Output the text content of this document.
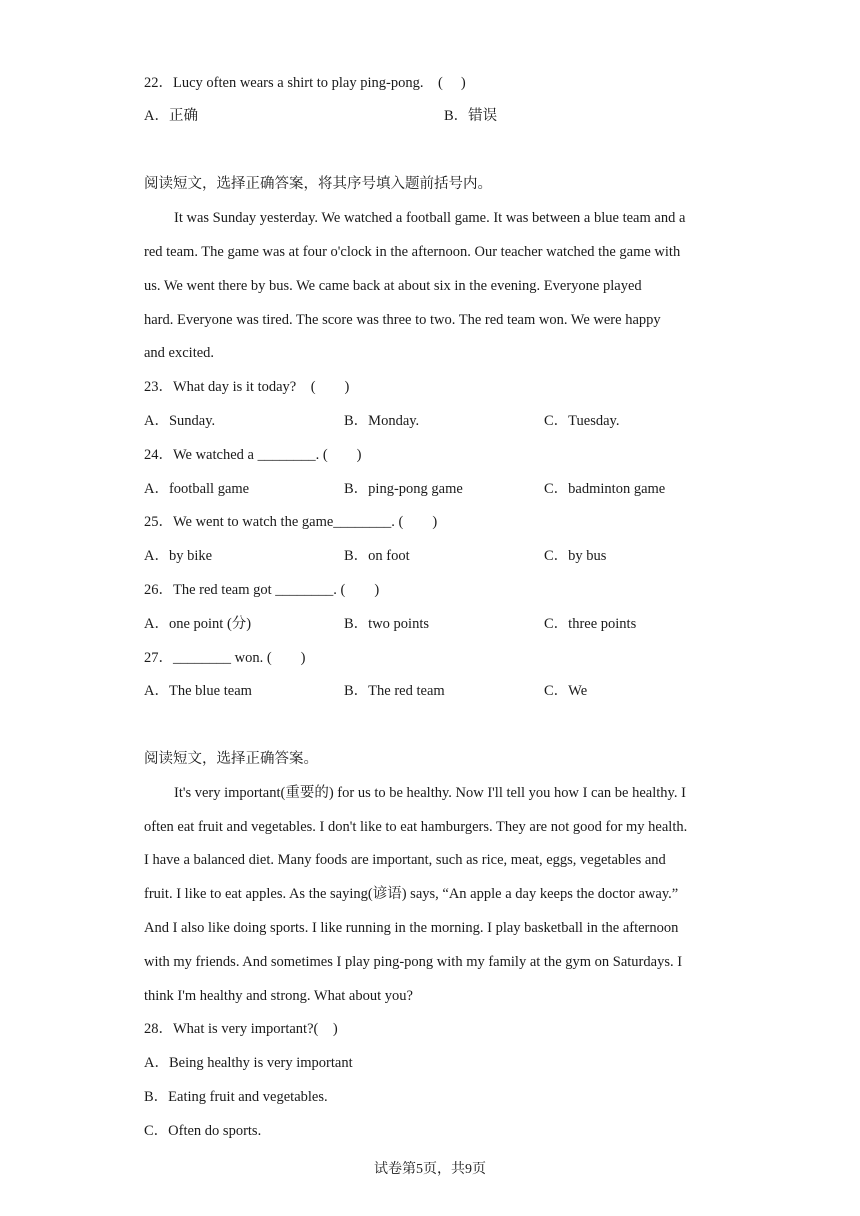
22．Lucy often wears a shirt to play ping-pong.　(　 )
A．正确	B．错误
阅读短文，选择正确答案，将其序号填入题前括号内。
It was Sunday yesterday. We watched a football game. It was between a blue team and a
red team. The game was at four o'clock in the afternoon. Our teacher watched the game with
us. We went there by bus. We came back at about six in the evening. Everyone played
hard. Everyone was tired. The score was three to two. The red team won. We were happy
and excited.
23．What day is it today?　(　　)
A．Sunday.	B．Monday.	C．Tuesday.
24．We watched a ________. (　　)
A．football game	B．ping-pong game	C．badminton game
25．We went to watch the game________. (　　)
A．by bike	B．on foot	C．by bus
26．The red team got ________. (　　)
A．one point (分)	B．two points	C．three points
27．________ won. (　　)
A．The blue team	B．The red team	C．We
阅读短文，选择正确答案。
It's very important(重要的) for us to be healthy. Now I'll tell you how I can be healthy. I
often eat fruit and vegetables. I don't like to eat hamburgers. They are not good for my health.
I have a balanced diet. Many foods are important, such as rice, meat, eggs, vegetables and
fruit. I like to eat apples. As the saying(谚语) says, “An apple a day keeps the doctor away.”
And I also like doing sports. I like running in the morning. I play basketball in the afternoon
with my friends. And sometimes I play ping-pong with my family at the gym on Saturdays. I
think I'm healthy and strong. What about you?
28．What is very important?(　)
A．Being healthy is very important
B．Eating fruit and vegetables.
C．Often do sports.
试卷第5页，共9页
